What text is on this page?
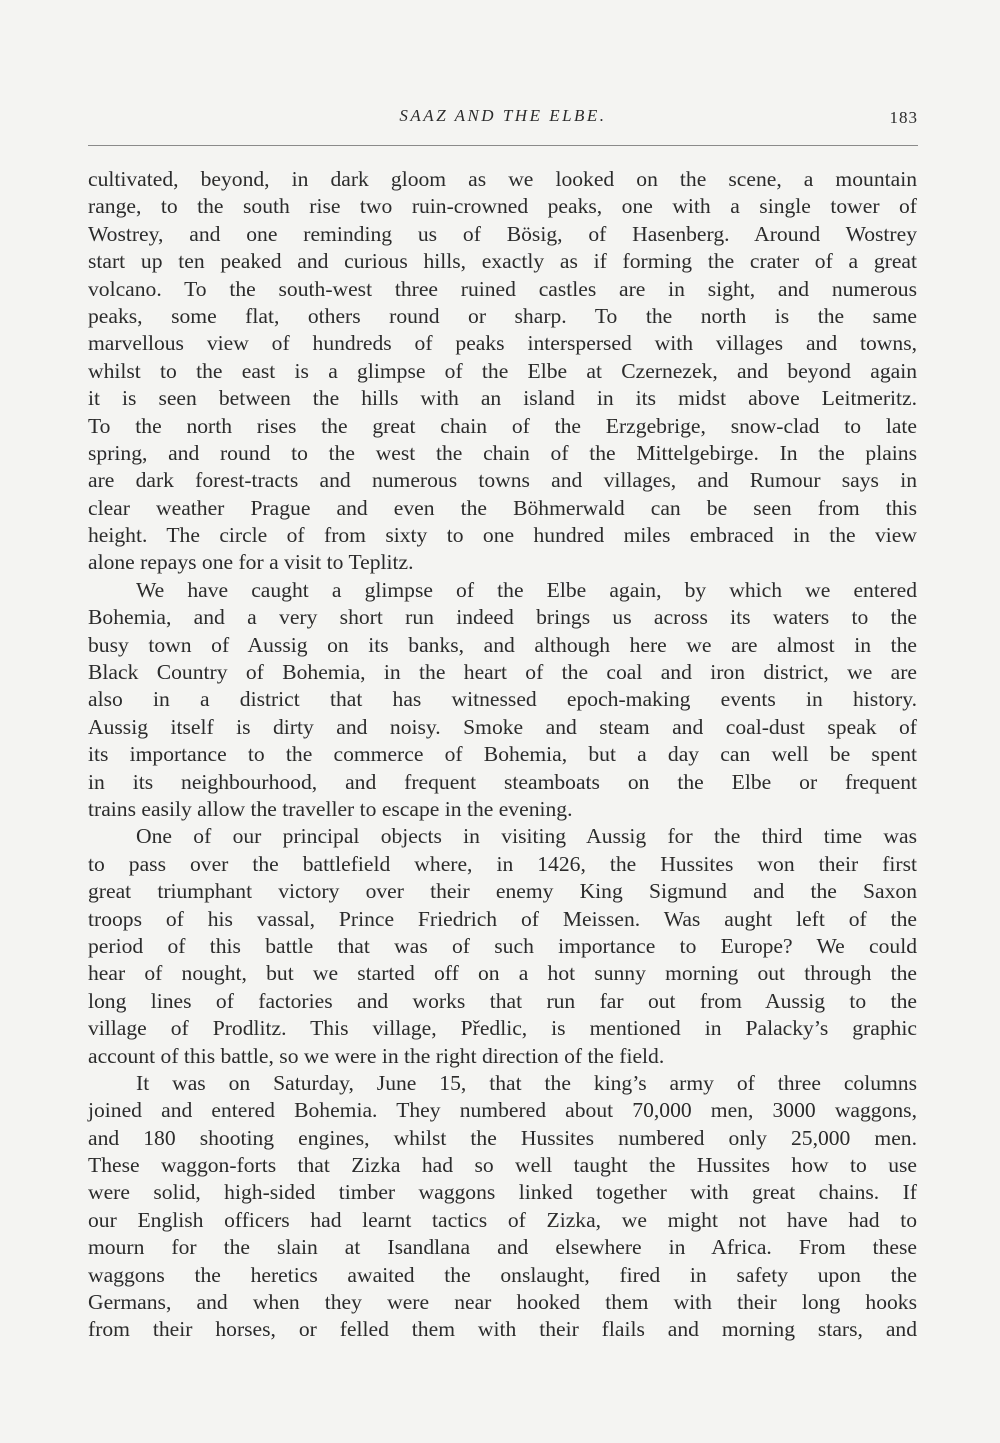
SAAZ AND THE ELBE.	183
cultivated, beyond, in dark gloom as we looked on the scene, a mountain
range, to the south rise two ruin-crowned peaks, one with a single tower of
Wostrey, and one reminding us of Bösig, of Hasenberg. Around Wostrey
start up ten peaked and curious hills, exactly as if forming the crater of a great
volcano. To the south-west three ruined castles are in sight, and numerous
peaks, some flat, others round or sharp. To the north is the same
marvellous view of hundreds of peaks interspersed with villages and towns,
whilst to the east is a glimpse of the Elbe at Czernezek, and beyond again
it is seen between the hills with an island in its midst above Leitmeritz.
To the north rises the great chain of the Erzgebrige, snow-clad to late
spring, and round to the west the chain of the Mittelgebirge. In the plains
are dark forest-tracts and numerous towns and villages, and Rumour says in
clear weather Prague and even the Böhmerwald can be seen from this
height. The circle of from sixty to one hundred miles embraced in the view
alone repays one for a visit to Teplitz.
We have caught a glimpse of the Elbe again, by which we entered
Bohemia, and a very short run indeed brings us across its waters to the
busy town of Aussig on its banks, and although here we are almost in the
Black Country of Bohemia, in the heart of the coal and iron district, we are
also in a district that has witnessed epoch-making events in history.
Aussig itself is dirty and noisy. Smoke and steam and coal-dust speak of
its importance to the commerce of Bohemia, but a day can well be spent
in its neighbourhood, and frequent steamboats on the Elbe or frequent
trains easily allow the traveller to escape in the evening.
One of our principal objects in visiting Aussig for the third time was
to pass over the battlefield where, in 1426, the Hussites won their first
great triumphant victory over their enemy King Sigmund and the Saxon
troops of his vassal, Prince Friedrich of Meissen. Was aught left of the
period of this battle that was of such importance to Europe? We could
hear of nought, but we started off on a hot sunny morning out through the
long lines of factories and works that run far out from Aussig to the
village of Prodlitz. This village, Předlic, is mentioned in Palacky’s graphic
account of this battle, so we were in the right direction of the field.
It was on Saturday, June 15, that the king’s army of three columns
joined and entered Bohemia. They numbered about 70,000 men, 3000 waggons,
and 180 shooting engines, whilst the Hussites numbered only 25,000 men.
These waggon-forts that Zizka had so well taught the Hussites how to use
were solid, high-sided timber waggons linked together with great chains. If
our English officers had learnt tactics of Zizka, we might not have had to
mourn for the slain at Isandlana and elsewhere in Africa. From these
waggons the heretics awaited the onslaught, fired in safety upon the
Germans, and when they were near hooked them with their long hooks
from their horses, or felled them with their flails and morning stars, and
